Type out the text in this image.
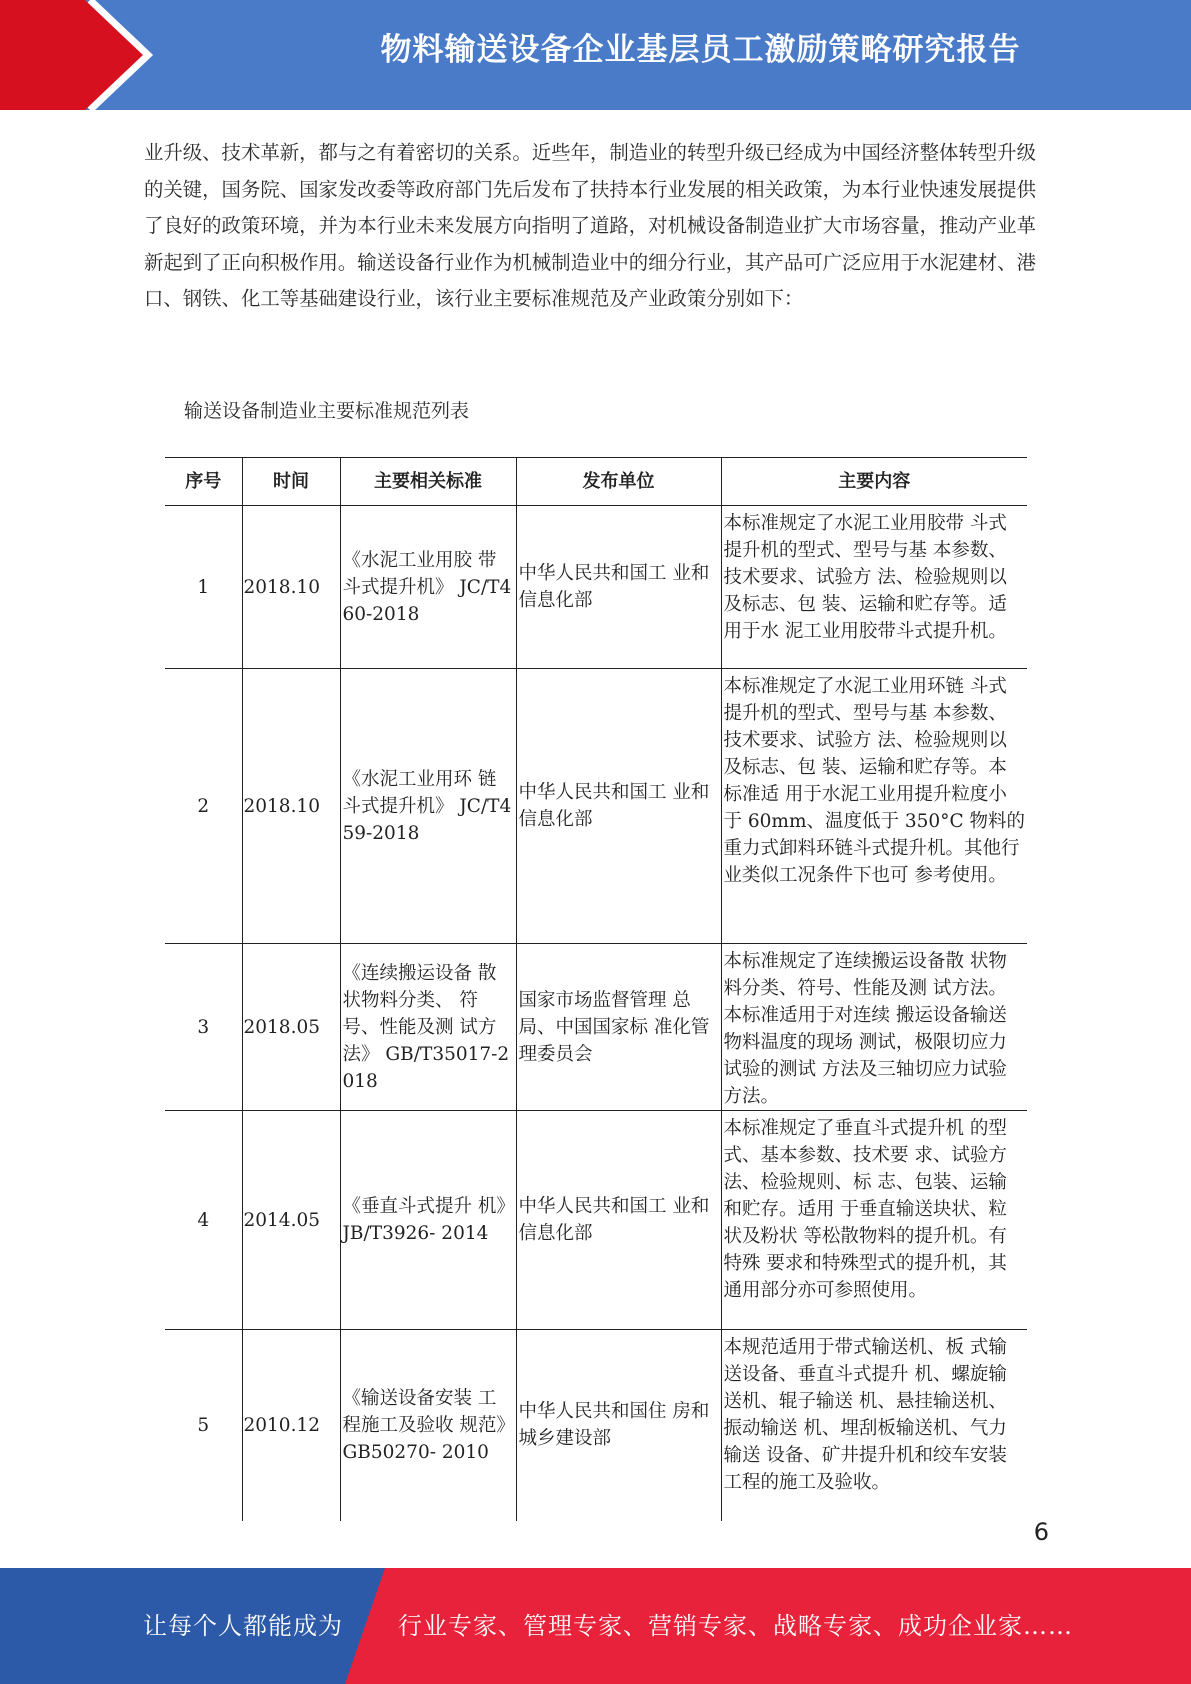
物料输送设备企业基层员工激励策略研究报告
业升级、技术革新，都与之有着密切的关系。近些年，制造业的转型升级已经成为中国经济整体转型升级的关键，国务院、国家发改委等政府部门先后发布了扶持本行业发展的相关政策，为本行业快速发展提供了良好的政策环境，并为本行业未来发展方向指明了道路，对机械设备制造业扩大市场容量，推动产业革新起到了正向积极作用。输送设备行业作为机械制造业中的细分行业，其产品可广泛应用于水泥建材、港口、钢铁、化工等基础建设行业，该行业主要标准规范及产业政策分别如下：
输送设备制造业主要标准规范列表
序号	时间	主要相关标准	发布单位	主要内容
1	2018.10	《水泥工业用胶 带斗式提升机》 JC/T460-2018	中华人民共和国工 业和信息化部	本标准规定了水泥工业用胶带 斗式提升机的型式、型号与基 本参数、技术要求、试验方 法、检验规则以及标志、包 装、运输和贮存等。适用于水 泥工业用胶带斗式提升机。
2	2018.10	《水泥工业用环 链斗式提升机》 JC/T459-2018	中华人民共和国工 业和信息化部	本标准规定了水泥工业用环链 斗式提升机的型式、型号与基 本参数、技术要求、试验方 法、检验规则以及标志、包 装、运输和贮存等。本标准适 用于水泥工业用提升粒度小于 60mm、温度低于 350°C 物料的 重力式卸料环链斗式提升机。其他行业类似工况条件下也可 参考使用。
3	2018.05	《连续搬运设备 散状物料分类、 符号、性能及测 试方法》 GB/T35017-2018	国家市场监督管理 总局、中国国家标 准化管理委员会	本标准规定了连续搬运设备散 状物料分类、符号、性能及测 试方法。本标准适用于对连续 搬运设备输送物料温度的现场 测试，极限切应力试验的测试 方法及三轴切应力试验方法。
4	2014.05	《垂直斗式提升 机》JB/T3926- 2014	中华人民共和国工 业和信息化部	本标准规定了垂直斗式提升机 的型式、基本参数、技术要 求、试验方法、检验规则、标 志、包装、运输和贮存。适用 于垂直输送块状、粒状及粉状 等松散物料的提升机。有特殊 要求和特殊型式的提升机，其 通用部分亦可参照使用。
5	2010.12	《输送设备安装 工程施工及验收 规范》GB50270- 2010	中华人民共和国住 房和城乡建设部	本规范适用于带式输送机、板 式输送设备、垂直斗式提升 机、螺旋输送机、辊子输送 机、悬挂输送机、振动输送 机、埋刮板输送机、气力输送 设备、矿井提升机和绞车安装 工程的施工及验收。
6
让每个人都能成为 行业专家、管理专家、营销专家、战略专家、成功企业家……
